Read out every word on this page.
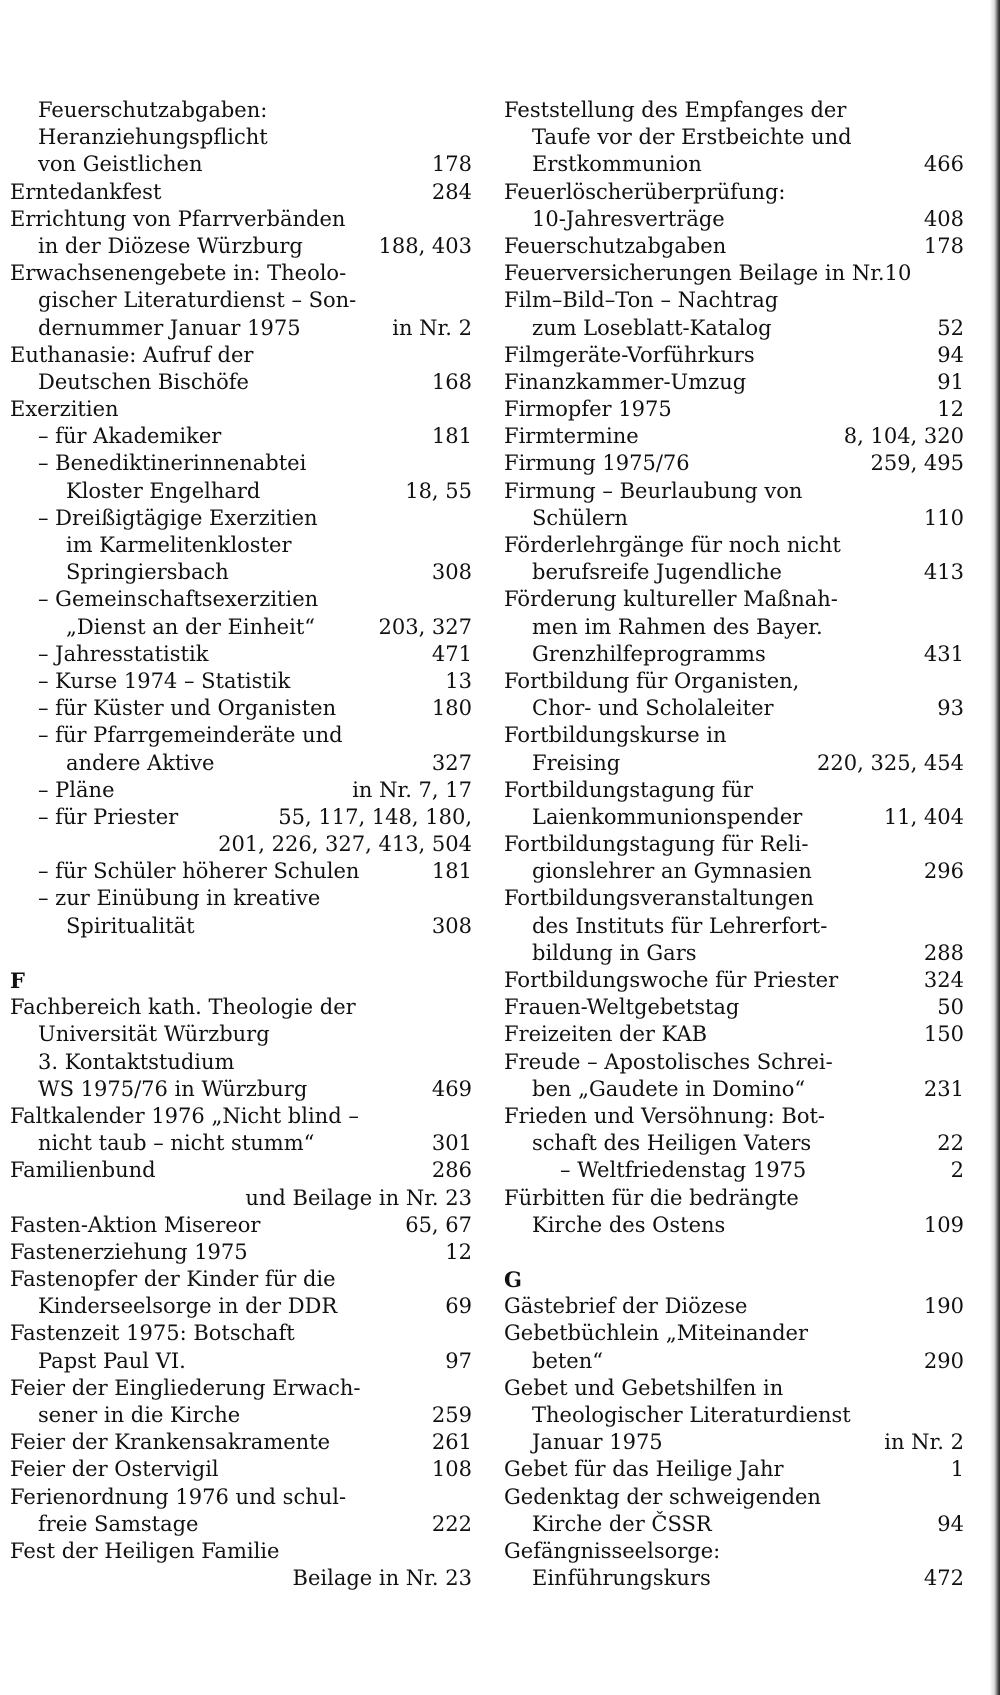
Feuerschutzabgaben:
Heranziehungspflicht
von Geistlichen	178
Erntedankfest	284
Errichtung von Pfarrverbänden
in der Diözese Würzburg	188, 403
Erwachsenengebete in: Theolo-
gischer Literaturdienst – Son-
dernummer Januar 1975	in Nr. 2
Euthanasie: Aufruf der
Deutschen Bischöfe	168
Exerzitien
– für Akademiker	181
– Benediktinerinnenabtei
Kloster Engelhard	18, 55
– Dreißigtägige Exerzitien
im Karmelitenkloster
Springiersbach	308
– Gemeinschaftsexerzitien
„Dienst an der Einheit“	203, 327
– Jahresstatistik	471
– Kurse 1974 – Statistik	13
– für Küster und Organisten	180
– für Pfarrgemeinderäte und
andere Aktive	327
– Pläne	in Nr. 7, 17
– für Priester	55, 117, 148, 180,
201, 226, 327, 413, 504
– für Schüler höherer Schulen	181
– zur Einübung in kreative
Spiritualität	308
F
Fachbereich kath. Theologie der
Universität Würzburg
3. Kontaktstudium
WS 1975/76 in Würzburg	469
Faltkalender 1976 „Nicht blind –
nicht taub – nicht stumm“	301
Familienbund	286
und Beilage in Nr. 23
Fasten-Aktion Misereor	65, 67
Fastenerziehung 1975	12
Fastenopfer der Kinder für die
Kinderseelsorge in der DDR	69
Fastenzeit 1975: Botschaft
Papst Paul VI.	97
Feier der Eingliederung Erwach-
sener in die Kirche	259
Feier der Krankensakramente	261
Feier der Ostervigil	108
Ferienordnung 1976 und schul-
freie Samstage	222
Fest der Heiligen Familie
Beilage in Nr. 23
Feststellung des Empfanges der
Taufe vor der Erstbeichte und
Erstkommunion	466
Feuerlöscherüberprüfung:
10-Jahresverträge	408
Feuerschutzabgaben	178
Feuerversicherungen Beilage in Nr.10
Film–Bild–Ton – Nachtrag
zum Loseblatt-Katalog	52
Filmgeräte-Vorführkurs	94
Finanzkammer-Umzug	91
Firmopfer 1975	12
Firmtermine	8, 104, 320
Firmung 1975/76	259, 495
Firmung – Beurlaubung von
Schülern	110
Förderlehrgänge für noch nicht
berufsreife Jugendliche	413
Förderung kultureller Maßnah-
men im Rahmen des Bayer.
Grenzhilfeprogramms	431
Fortbildung für Organisten,
Chor- und Scholaleiter	93
Fortbildungskurse in
Freising	220, 325, 454
Fortbildungstagung für
Laienkommunionspender	11, 404
Fortbildungstagung für Reli-
gionslehrer an Gymnasien	296
Fortbildungsveranstaltungen
des Instituts für Lehrerfort-
bildung in Gars	288
Fortbildungswoche für Priester	324
Frauen-Weltgebetstag	50
Freizeiten der KAB	150
Freude – Apostolisches Schrei-
ben „Gaudete in Domino“	231
Frieden und Versöhnung: Bot-
schaft des Heiligen Vaters	22
– Weltfriedenstag 1975	2
Fürbitten für die bedrängte
Kirche des Ostens	109
G
Gästebrief der Diözese	190
Gebetbüchlein „Miteinander
beten“	290
Gebet und Gebetshilfen in
Theologischer Literaturdienst
Januar 1975	in Nr. 2
Gebet für das Heilige Jahr	1
Gedenktag der schweigenden
Kirche der ČSSR	94
Gefängnisseelsorge:
Einführungskurs	472
